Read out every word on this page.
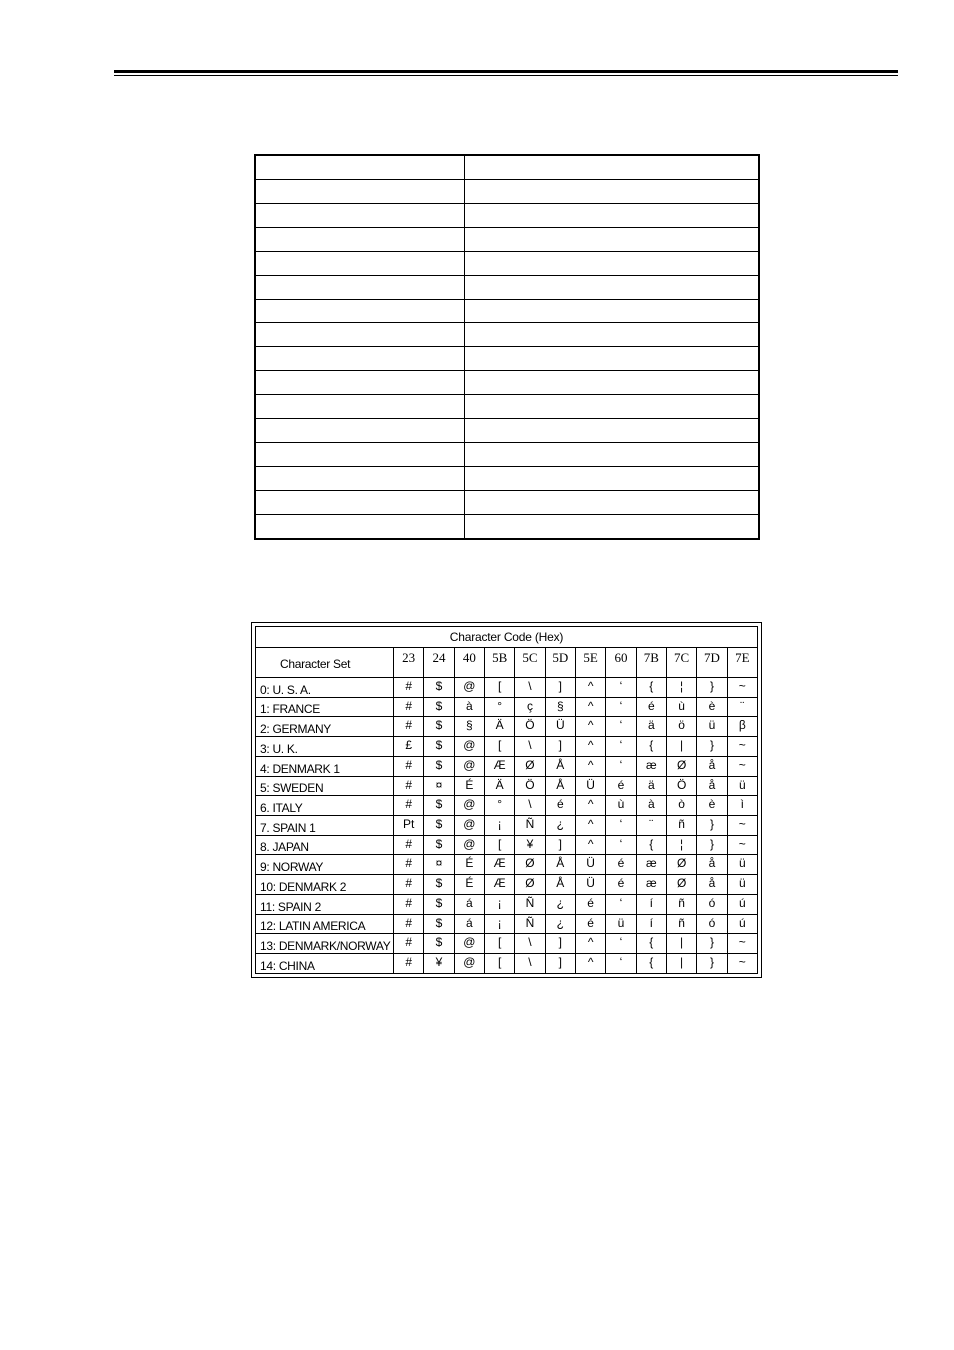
Character Code (Hex)												
Character Set	23	24	40	5B	5C	5D	5E	60	7B	7C	7D	7E
0: U. S. A.	#	$	@	[	\	]	^	‘	{	¦	}	~
1: FRANCE	#	$	à	°	ç	§	^	‘	é	ù	è	¨
2: GERMANY	#	$	§	Ä	Ö	Ü	^	‘	ä	ö	ü	β
3: U. K.	£	$	@	[	\	]	^	‘	{	|	}	~
4: DENMARK 1	#	$	@	Æ	Ø	Å	^	‘	æ	Ø	å	~
5: SWEDEN	#	¤	É	Ä	Ö	Å	Ü	é	ä	Ö	å	ü
6. ITALY	#	$	@	°	\	é	^	ù	à	ò	è	ì
7. SPAIN 1	Pt	$	@	¡	Ñ	¿	^	‘	¨	ñ	}	~
8. JAPAN	#	$	@	[	¥	]	^	‘	{	¦	}	~
9: NORWAY	#	¤	É	Æ	Ø	Å	Ü	é	æ	Ø	å	ü
10: DENMARK 2	#	$	É	Æ	Ø	Å	Ü	é	æ	Ø	å	ü
11: SPAIN 2	#	$	á	¡	Ñ	¿	é	‘	í	ñ	ó	ú
12: LATIN AMERICA	#	$	á	¡	Ñ	¿	é	ü	í	ñ	ó	ú
13: DENMARK/NORWAY	#	$	@	[	\	]	^	‘	{	|	}	~
14: CHINA	#	¥	@	[	\	]	^	‘	{	|	}	~
